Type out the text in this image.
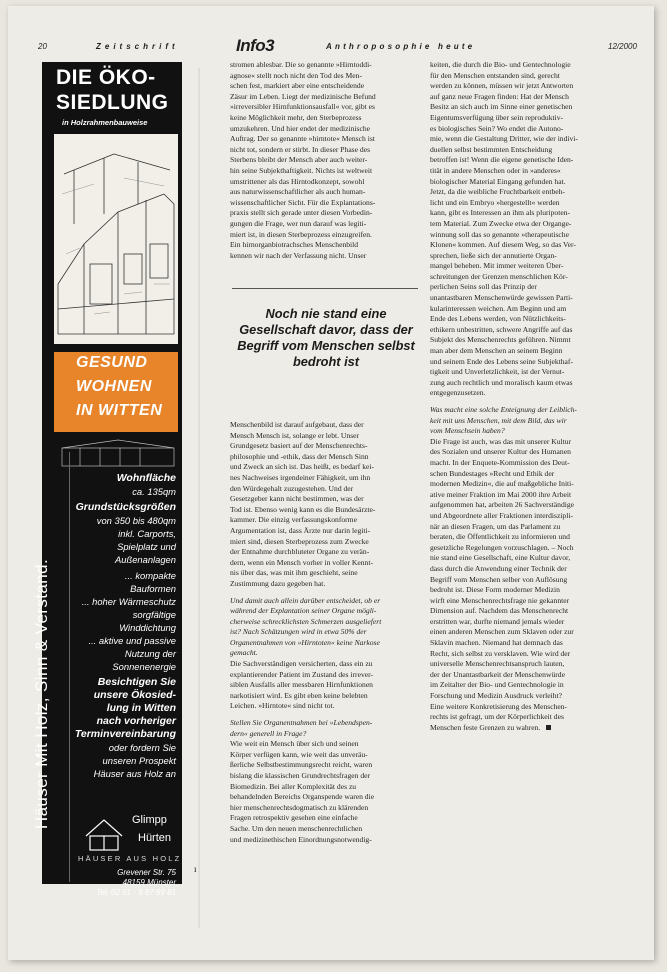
20	Zeitschrift	Info3	Anthroposophie heute	12/2000
ı
DIE ÖKO-
SIEDLUNG
in Holzrahmenbauweise
GESUND
WOHNEN
IN WITTEN
Häuser Mit Holz, Sinn & Verstand.
Wohnfläche
ca. 135qm
Grundstücksgrößen
von 350 bis 480qm
inkl. Carports,
Spielplatz und
Außenanlagen
... kompakte
Bauformen
... hoher Wärmeschutz
sorgfältige
Winddichtung
... aktive und passive
Nutzung der
Sonnenenergie
Besichtigen Sie
unsere Ökosied-
lung in Witten
nach vorheriger
Terminvereinbarung
oder fordern Sie
unseren Prospekt
Häuser aus Holz an
Glimpp
Hürten
HÄUSER AUS HOLZ
Grevener Str. 75
48159 Münster
Tel. 02 51 - 9 87 69 81

stromen ablesbar. Die so genannte »Hirntoddi-

agnose« stellt noch nicht den Tod des Men-

schen fest, markiert aber eine entscheidende

Zäsur im Leben. Liegt der medizinische Befund

»irreversibler Hirnfunktionsausfall« vor, gibt es

keine Möglichkeit mehr, den Sterbeprozess

umzukehren. Und hier endet der medizinische

Auftrag. Der so genannte »hirntote« Mensch ist

nicht tot, sondern er stirbt. In dieser Phase des

Sterbens bleibt der Mensch aber auch weiter-

hin seine Subjekthaftigkeit. Nichts ist weltweit

umstrittener als das Hirntodkonzept, sowohl

aus naturwissenschaftlicher als auch human-

wissenschaftlicher Sicht. Für die Explantations-

praxis stellt sich gerade unter diesen Vorbedin-

gungen die Frage, wer nun darauf was legiti-

miert ist, in diesen Sterbeprozess einzugreifen.

Ein hirnorganbiotrachsches Menschenbild

kennen wir nach der Verfassung nicht. Unser

Noch nie stand eine Gesellschaft davor, dass der Begriff vom Menschen selbst bedroht ist

Menschenbild ist darauf aufgebaut, dass der

Mensch Mensch ist, solange er lebt. Unser

Grundgesetz basiert auf der Menschenrechts-

philosophie und -ethik, dass der Mensch Sinn

und Zweck an sich ist. Das heißt, es bedarf kei-

nes Nachweises irgendeiner Fähigkeit, um ihn

den Würdegehalt zuzugestehen. Und der

Gesetzgeber kann nicht bestimmen, was der

Tod ist. Ebenso wenig kann es die Bundesärzte-

kammer. Die einzig verfassungskonforme

Argumentation ist, dass Ärzte nur darin legiti-

miert sind, diesen Sterbeprozess zum Zwecke

der Entnahme durchbluteter Organe zu verän-

dern, wenn ein Mensch vorher in voller Kennt-

nis über das, was mit ihm geschieht, seine

Zustimmung dazu gegeben hat.

Und damit auch allein darüber entscheidet, ob er

während der Explantation seiner Organe mögli-

cherweise schrecklichsten Schmerzen ausgeliefert

ist? Nach Schätzungen wird in etwa 50% der

Organentnahmen von »Hirntoten« keine Narkose

gemacht.

Die Sachverständigen versicherten, dass ein zu

explantierender Patient im Zustand des irrever-

siblen Ausfalls aller messbaren Hirnfunktionen

narkotisiert wird. Es gibt eben keine belebten

Leichen. »Hirntote« sind nicht tot.

Stellen Sie Organentnahmen bei »Lebendspen-

dern« generell in Frage?

Wie weit ein Mensch über sich und seinen

Körper verfügen kann, wie weit das unveräu-

ßerliche Selbstbestimmungsrecht reicht, waren

bislang die klassischen Grundrechtsfragen der

Biomedizin. Bei aller Komplexität des zu

behandelnden Bereichs Organspende waren die

hier menschenrechtsdogmatisch zu klärenden

Fragen retrospektiv gesehen eine einfache

Sache. Um den neuen menschenrechtlichen

und medizinethischen Einordnungsnotwendig-

keiten, die durch die Bio- und Gentechnologie

für den Menschen entstanden sind, gerecht

werden zu können, müssen wir jetzt Antworten

auf ganz neue Fragen finden: Hat der Mensch

Besitz an sich auch im Sinne einer genetischen

Eigentumsverfügung über sein reproduktiv-

es biologisches Sein? Wo endet die Autono-

mie, wenn die Gestaltung Dritter, wie der indivi-

duellen selbst bestimmten Entscheidung

betroffen ist! Wenn die eigene genetische Iden-

tität in andere Menschen oder in »anderes«

biologischer Material Eingang gefunden hat.

Jetzt, da die weibliche Fruchtbarkeit entbeh-

licht und ein Embryo »hergestellt« werden

kann, gibt es Interessen an ihm als pluripoten-

tem Material. Zum Zwecke etwa der Organge-

winnung soll das so genannte »therapeutische

Klonen« kommen. Auf diesem Weg, so das Ver-

sprechen, ließe sich der annutierte Organ-

mangel beheben. Mit immer weiteren Über-

schreitungen der Grenzen menschlichen Kör-

perlichen Seins soll das Prinzip der

unantastbaren Menschenwürde gewissen Parti-

kularinteressen weichen. Am Beginn und am

Ende des Lebens werden, von Nützlichkeits-

ethikern unbestritten, schwere Angriffe auf das

Subjekt des Menschenrechts geführen. Nimmt

man aber dem Menschen an seinem Beginn

und seinem Ende des Lebens seine Subjekthaf-

tigkeit und Unverletzlichkeit, ist der Vernut-

zung auch rechtlich und moralisch kaum etwas

entgegenzusetzen.

Was macht eine solche Enteignung der Leiblich-

keit mit uns Menschen, mit dem Bild, das wir

vom Menschsein haben?

Die Frage ist auch, was das mit unserer Kultur

des Sozialen und unserer Kultur des Humanen

macht. In der Enquete-Kommission des Deut-

schen Bundestages »Recht und Ethik der

modernen Medizin«, die auf maßgebliche Initi-

ative meiner Fraktion im Mai 2000 ihre Arbeit

aufgenommen hat, arbeiten 26 Sachverständige

und Abgeordnete aller Fraktionen interdiszipli-

när an diesen Fragen, um das Parlament zu

beraten, die Öffentlichkeit zu informieren und

gesetzliche Regelungen vorzuschlagen. – Noch

nie stand eine Gesellschaft, eine Kultur davor,

dass durch die Anwendung einer Technik der

Begriff vom Menschen selber von Auflösung

bedroht ist. Diese Form moderner Medizin

wirft eine Menschenrechtsfrage nie gekannter

Dimension auf. Nachdem das Menschenrecht

erstritten war, durfte niemand jemals wieder

einen anderen Menschen zum Sklaven oder zur

Sklavin machen. Niemand hat demnach das

Recht, sich selbst zu versklaven. Wie wird der

universelle Menschenrechtsanspruch lauten,

der der Unantastbarkeit der Menschenwürde

im Zeitalter der Bio- und Gentechnologie in

Forschung und Medizin Ausdruck verleiht?

Eine weitere Konkretisierung des Menschen-

rechts ist gefragt, um der Körperlichkeit des

Menschen feste Grenzen zu wahren.
